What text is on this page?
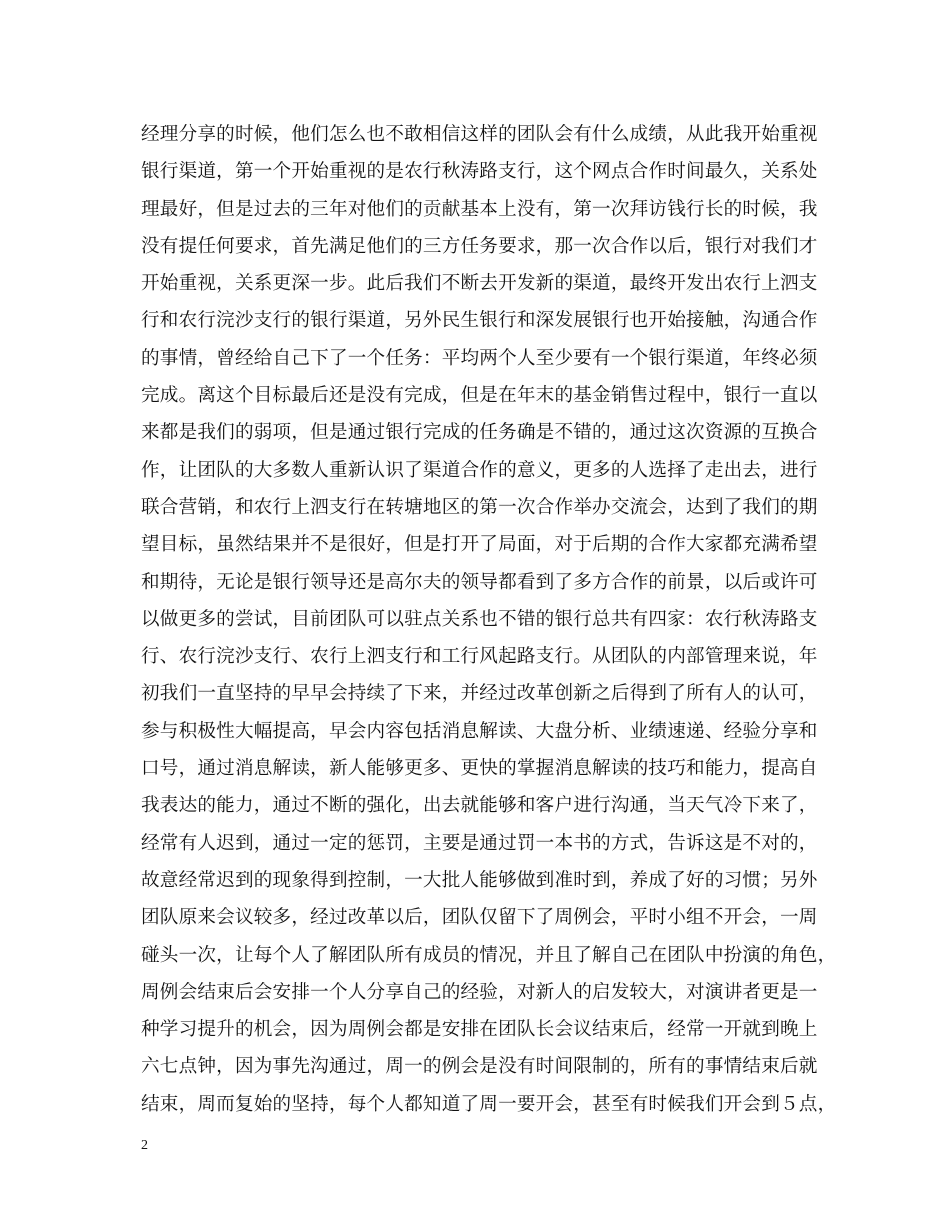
经理分享的时候，他们怎么也不敢相信这样的团队会有什么成绩，从此我开始重视
银行渠道，第一个开始重视的是农行秋涛路支行，这个网点合作时间最久，关系处
理最好，但是过去的三年对他们的贡献基本上没有，第一次拜访钱行长的时候，我
没有提任何要求，首先满足他们的三方任务要求，那一次合作以后，银行对我们才
开始重视，关系更深一步。此后我们不断去开发新的渠道，最终开发出农行上泗支
行和农行浣沙支行的银行渠道，另外民生银行和深发展银行也开始接触，沟通合作
的事情，曾经给自己下了一个任务：平均两个人至少要有一个银行渠道，年终必须
完成。离这个目标最后还是没有完成，但是在年末的基金销售过程中，银行一直以
来都是我们的弱项，但是通过银行完成的任务确是不错的，通过这次资源的互换合
作，让团队的大多数人重新认识了渠道合作的意义，更多的人选择了走出去，进行
联合营销，和农行上泗支行在转塘地区的第一次合作举办交流会，达到了我们的期
望目标，虽然结果并不是很好，但是打开了局面，对于后期的合作大家都充满希望
和期待，无论是银行领导还是高尔夫的领导都看到了多方合作的前景，以后或许可
以做更多的尝试，目前团队可以驻点关系也不错的银行总共有四家：农行秋涛路支
行、农行浣沙支行、农行上泗支行和工行风起路支行。从团队的内部管理来说，年
初我们一直坚持的早早会持续了下来，并经过改革创新之后得到了所有人的认可，
参与积极性大幅提高，早会内容包括消息解读、大盘分析、业绩速递、经验分享和
口号，通过消息解读，新人能够更多、更快的掌握消息解读的技巧和能力，提高自
我表达的能力，通过不断的强化，出去就能够和客户进行沟通，当天气冷下来了，
经常有人迟到，通过一定的惩罚，主要是通过罚一本书的方式，告诉这是不对的，
故意经常迟到的现象得到控制，一大批人能够做到准时到，养成了好的习惯；另外
团队原来会议较多，经过改革以后，团队仅留下了周例会，平时小组不开会，一周
碰头一次，让每个人了解团队所有成员的情况，并且了解自己在团队中扮演的角色，
周例会结束后会安排一个人分享自己的经验，对新人的启发较大，对演讲者更是一
种学习提升的机会，因为周例会都是安排在团队长会议结束后，经常一开就到晚上
六七点钟，因为事先沟通过，周一的例会是没有时间限制的，所有的事情结束后就
结束，周而复始的坚持，每个人都知道了周一要开会，甚至有时候我们开会到５点，

2
